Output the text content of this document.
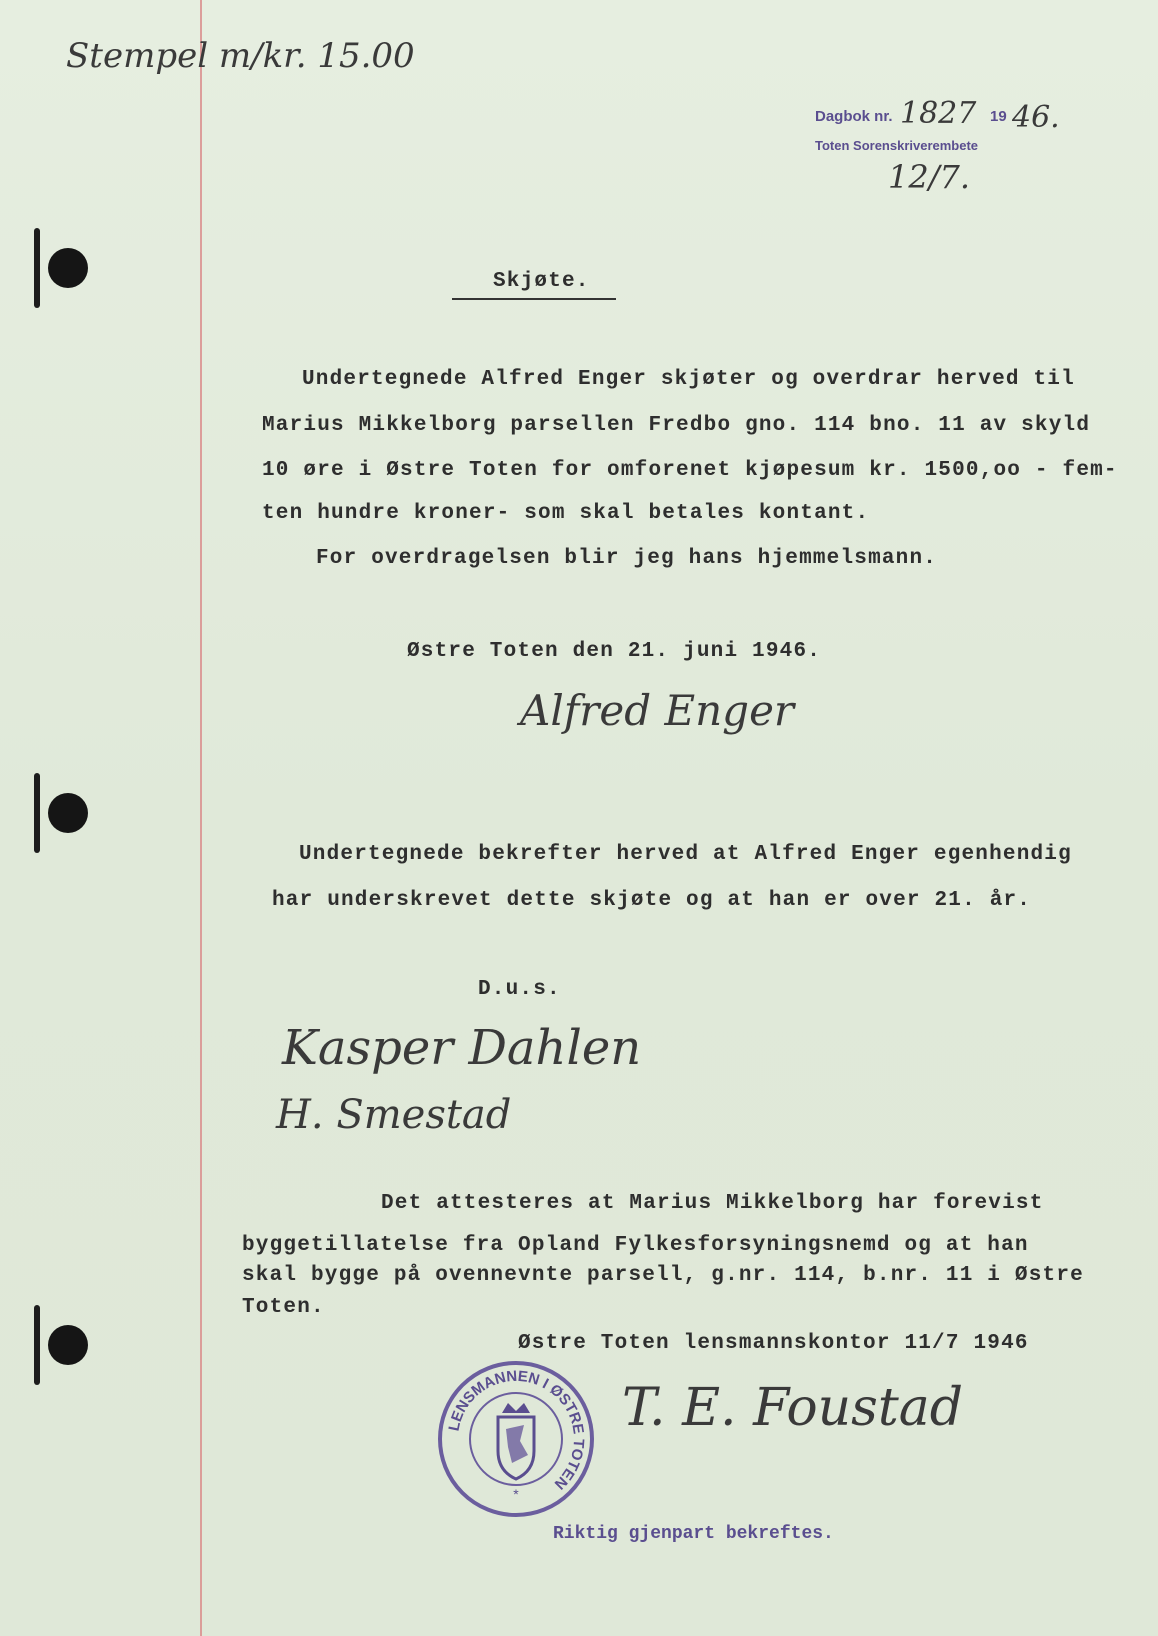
Stempel m/kr. 15.00
Dagbok nr. 1827 19 46.
Toten Sorenskriverembete
12/7.
Skjøte.
Undertegnede Alfred Enger skjøter og overdrar herved til
Marius Mikkelborg parsellen Fredbo gno. 114 bno. 11 av skyld
10 øre i Østre Toten for omforenet kjøpesum kr. 1500,oo - fem-
ten hundre kroner- som skal betales kontant.
For overdragelsen blir jeg hans hjemmelsmann.
Østre Toten den 21. juni 1946.
Alfred Enger
Undertegnede bekrefter herved at Alfred Enger egenhendig
har underskrevet dette skjøte og at han er over 21. år.
D.u.s.
Kasper Dahlen
H. Smestad
Det attesteres at Marius Mikkelborg har forevist
byggetillatelse fra Opland Fylkesforsyningsnemd og at han
skal bygge på ovennevnte parsell, g.nr. 114, b.nr. 11 i Østre
Toten.
Østre Toten lensmannskontor 11/7 1946
LENSMANNEN I ØSTRE TOTEN
*
T. E. Foustad
Riktig gjenpart bekreftes.
